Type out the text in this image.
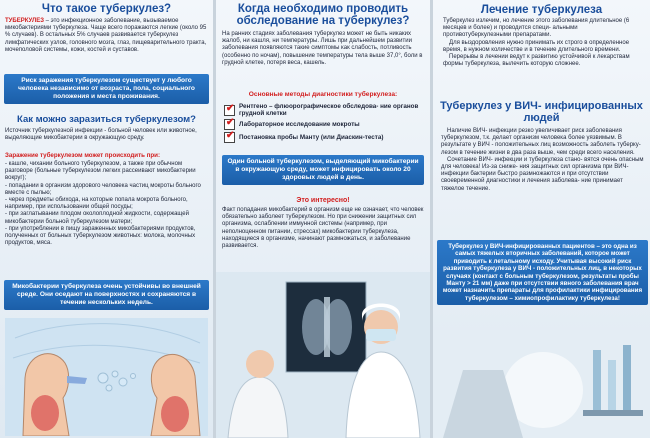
Что такое туберкулез?
ТУБЕРКУЛЕЗ – это инфекционное заболевание, вызываемое микобактериями туберкулеза. Чаще всего поражаются легкие (около 95 % случаев). В остальных 5% случаев развивается туберкулез лимфатических узлов, головного мозга, глаз, пищеварительного тракта, мочеполовой системы, кожи, костей и суставов.
Риск заражения туберкулезом существует у любого человека независимо от возраста, пола, социального положения и места проживания.
Как можно заразиться туберкулезом?
Источник туберкулезной инфекции - больной человек или животное, выделяющие микобактерии в окружающую среду.
Заражение туберкулезом может происходить при:
- кашле, чихании больного туберкулезом, а также при обычном разговоре (больные туберкулезом легких рассеивают микобактерии вокруг);
- попадании в организм здорового человека частиц мокроты больного вместе с пылью;
- через предметы обихода, на которые попала мокрота больного, например, при использовании общей посуды;
- при заглатывании плодом околоплодной жидкости, содержащей микобактерии больной туберкулезом матери;
- при употреблении в пищу зараженных микобактериями продуктов, полученных от больных туберкулезом животных: молока, молочных продуктов, мяса.
Микобактерии туберкулеза очень устойчивы во внешней среде. Они оседают на поверхностях и сохраняются в течение нескольких недель.
Когда необходимо проводить обследование на туберкулез?
На ранних стадиях заболевания туберкулез может не быть никаких жалоб, ни кашля, ни температуры. Лишь при дальнейшем развитии заболевания появляются такие симптомы как слабость, потливость (особенно по ночам), повышение температуры тела выше 37,0°, боли в грудной клетке, потеря веса, кашель.
Основные методы диагностики туберкулеза:
✔
Рентгено – флюорографическое обследова- ние органов грудной клетки
✔
Лабораторное исследование мокроты
✔
Постановка пробы Манту (или Диаскин-теста)
Один больной туберкулезом, выделяющий микобактерии в окружающую среду, может инфицировать около 20 здоровых людей в день.
Это интересно!
Факт попадания микобактерий в организм еще не означает, что человек обязательно заболеет туберкулезом. Но при снижении защитных сил организма, ослаблении иммунной системы (например, при неполноценном питании, стрессах) микобактерии туберкулеза, находящиеся в организме, начинают размножаться, и заболевание развивается.
Лечение туберкулеза
Туберкулез излечим, но лечение этого заболевания длительное (6 месяцев и более) и проводится специ- альными противотуберкулезными препаратами.
Для выздоровления нужно принимать их строго в определенное время, в нужном количестве и в течение длительного времени.
Перерывы в лечении ведут к развитию устойчивой к лекарствам формы туберкулеза, вылечить которую сложнее.
Туберкулез у ВИЧ- инфицированных людей
Наличие ВИЧ- инфекции резко увеличивает риск заболевания туберкулезом, т.к. делает организм человека более уязвимым. В результате у ВИЧ - положительных лиц возможность заболеть туберку- лезом в течение жизни в два раза выше, чем среди всего населения.
Сочетание ВИЧ- инфекции и туберкулеза стано- вятся очень опасным для человека! Из-за сниже- ния защитных сил организма при ВИЧ- инфекции бактерии быстро размножаются и при отсутствии своевременной диагностики и лечения заболева- ние принимает тяжелое течение.
Туберкулез у ВИЧ-инфицированных пациентов – это одна из самых тяжелых вторичных заболеваний, которое может приводить к летальному исходу. Учитывая высокий риск развития туберкулеза у ВИЧ - положительных лиц, в некоторых случаях (контакт с больным туберкулезом, результаты пробы Манту > 21 мм) даже при отсутствии явного заболевания врач может назначить препараты для профилактики инфицирования туберкулезом – химиопрофилактику туберкулеза!
